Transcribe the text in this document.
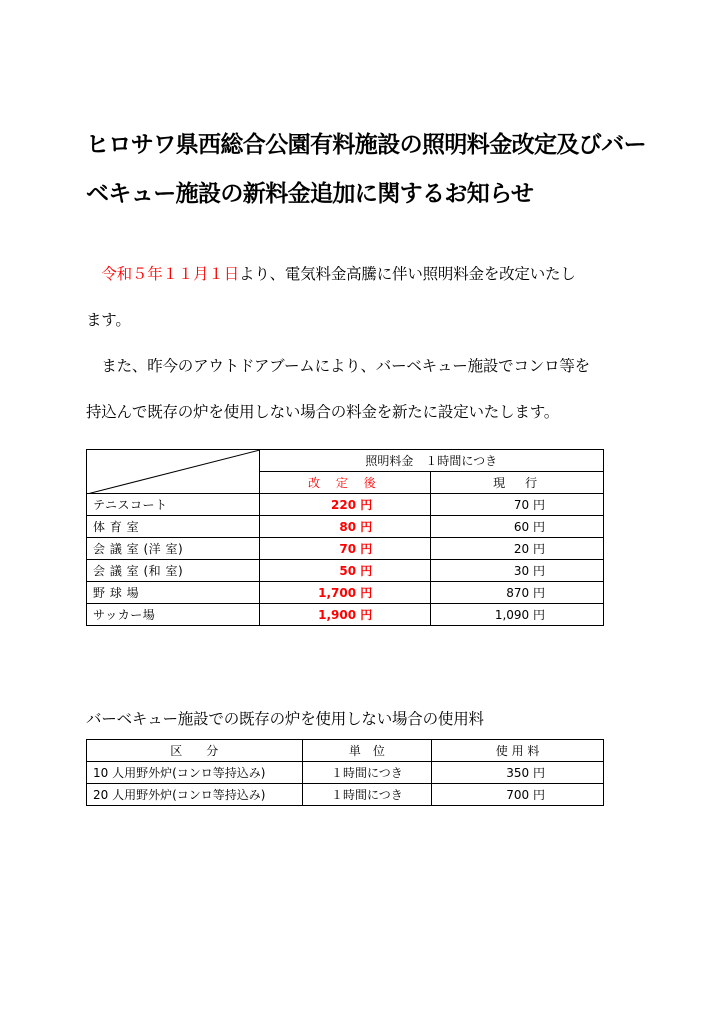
ヒロサワ県西総合公園有料施設の照明料金改定及びバー
ベキュー施設の新料金追加に関するお知らせ

　令和５年１１月１日より、電気料金高騰に伴い照明料金を改定いたし
ます。

　また、昨今のアウトドアブームにより、バーベキュー施設でコンロ等を
持込んで既存の炉を使用しない場合の料金を新たに設定いたします。

	照明料金　１時間につき	
	改 定 後	現　行
テニスコート	220 円	70 円
体 育 室	80 円	60 円
会 議 室 (洋 室)	70 円	20 円
会 議 室 (和 室)	50 円	30 円
野 球 場	1,700 円	870 円
サッカー場	1,900 円	1,090 円

バーベキュー施設での既存の炉を使用しない場合の使用料

区　　分	単　位	使 用 料
10 人用野外炉(コンロ等持込み)	１時間につき	350 円
20 人用野外炉(コンロ等持込み)	１時間につき	700 円
